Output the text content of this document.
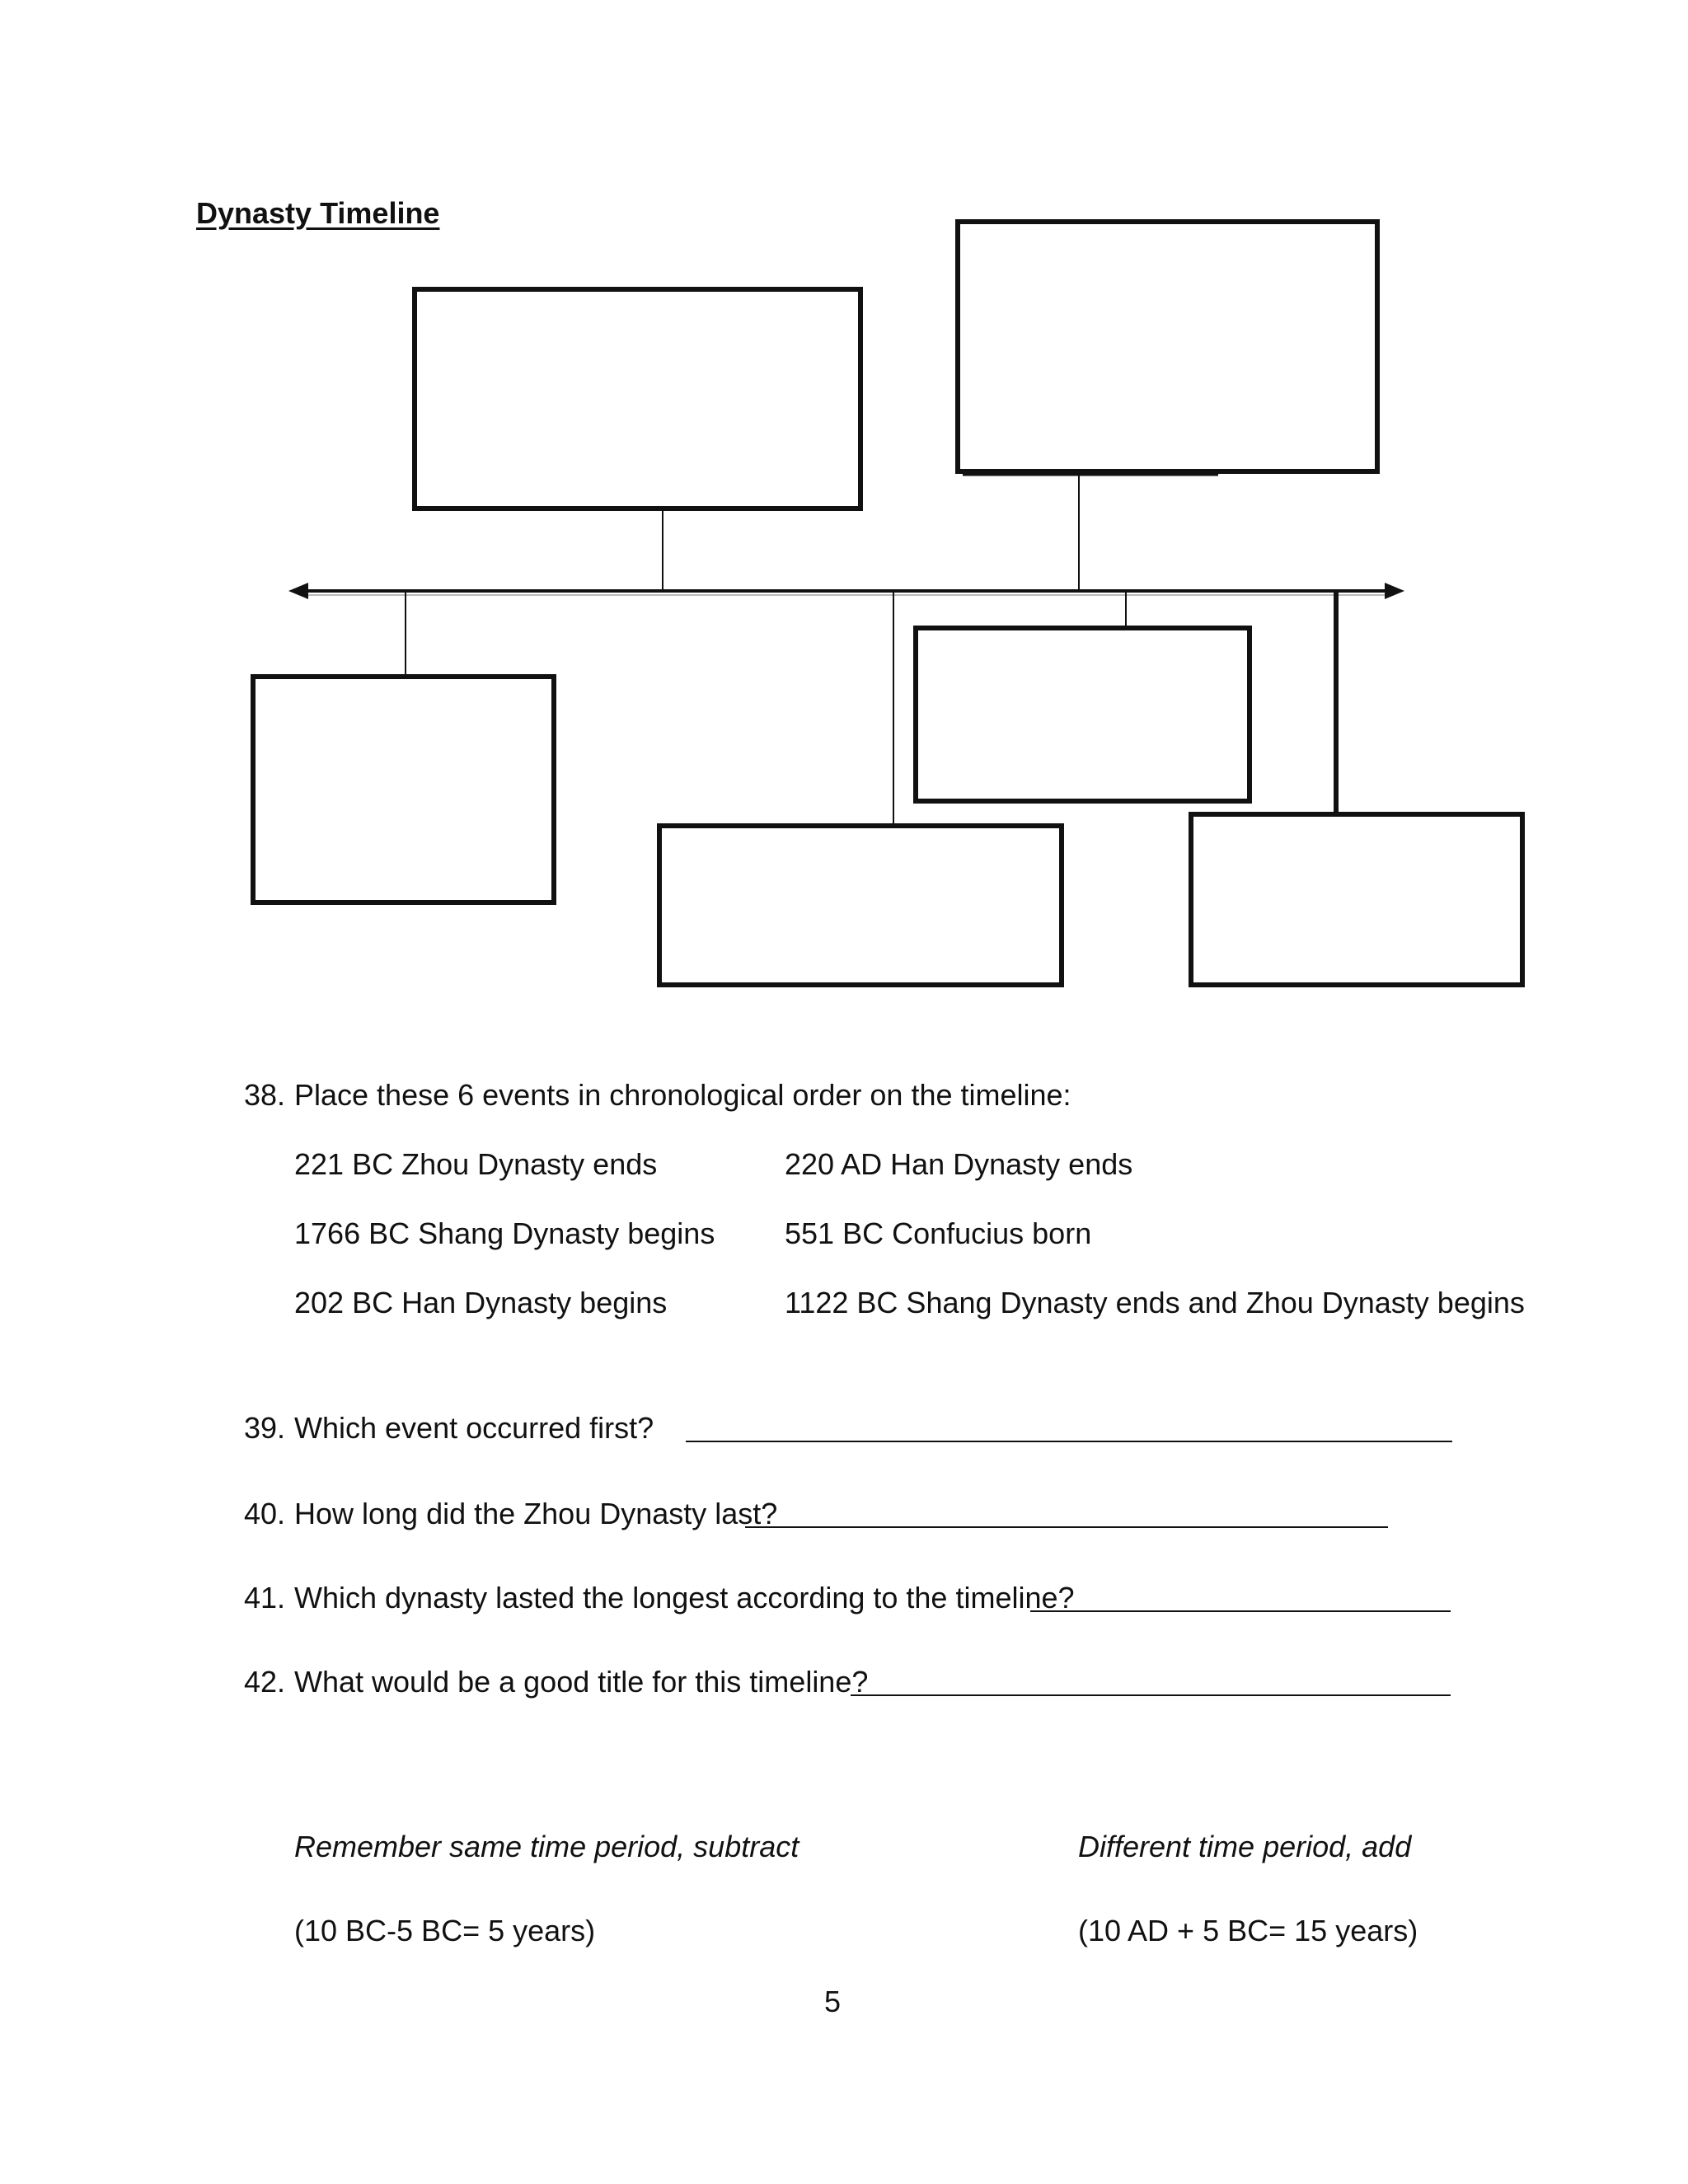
Dynasty Timeline
38. Place these 6 events in chronological order on the timeline:
221 BC Zhou Dynasty ends
1766 BC Shang Dynasty begins
202 BC Han Dynasty begins
220 AD Han Dynasty ends
551 BC Confucius born
1122 BC Shang Dynasty ends and Zhou Dynasty begins
39. Which event occurred first?
40. How long did the Zhou Dynasty last?
41. Which dynasty lasted the longest according to the timeline?
42. What would be a good title for this timeline?
Remember same time period, subtract
(10 BC-5 BC= 5 years)
Different time period, add
(10 AD + 5 BC= 15 years)
5
